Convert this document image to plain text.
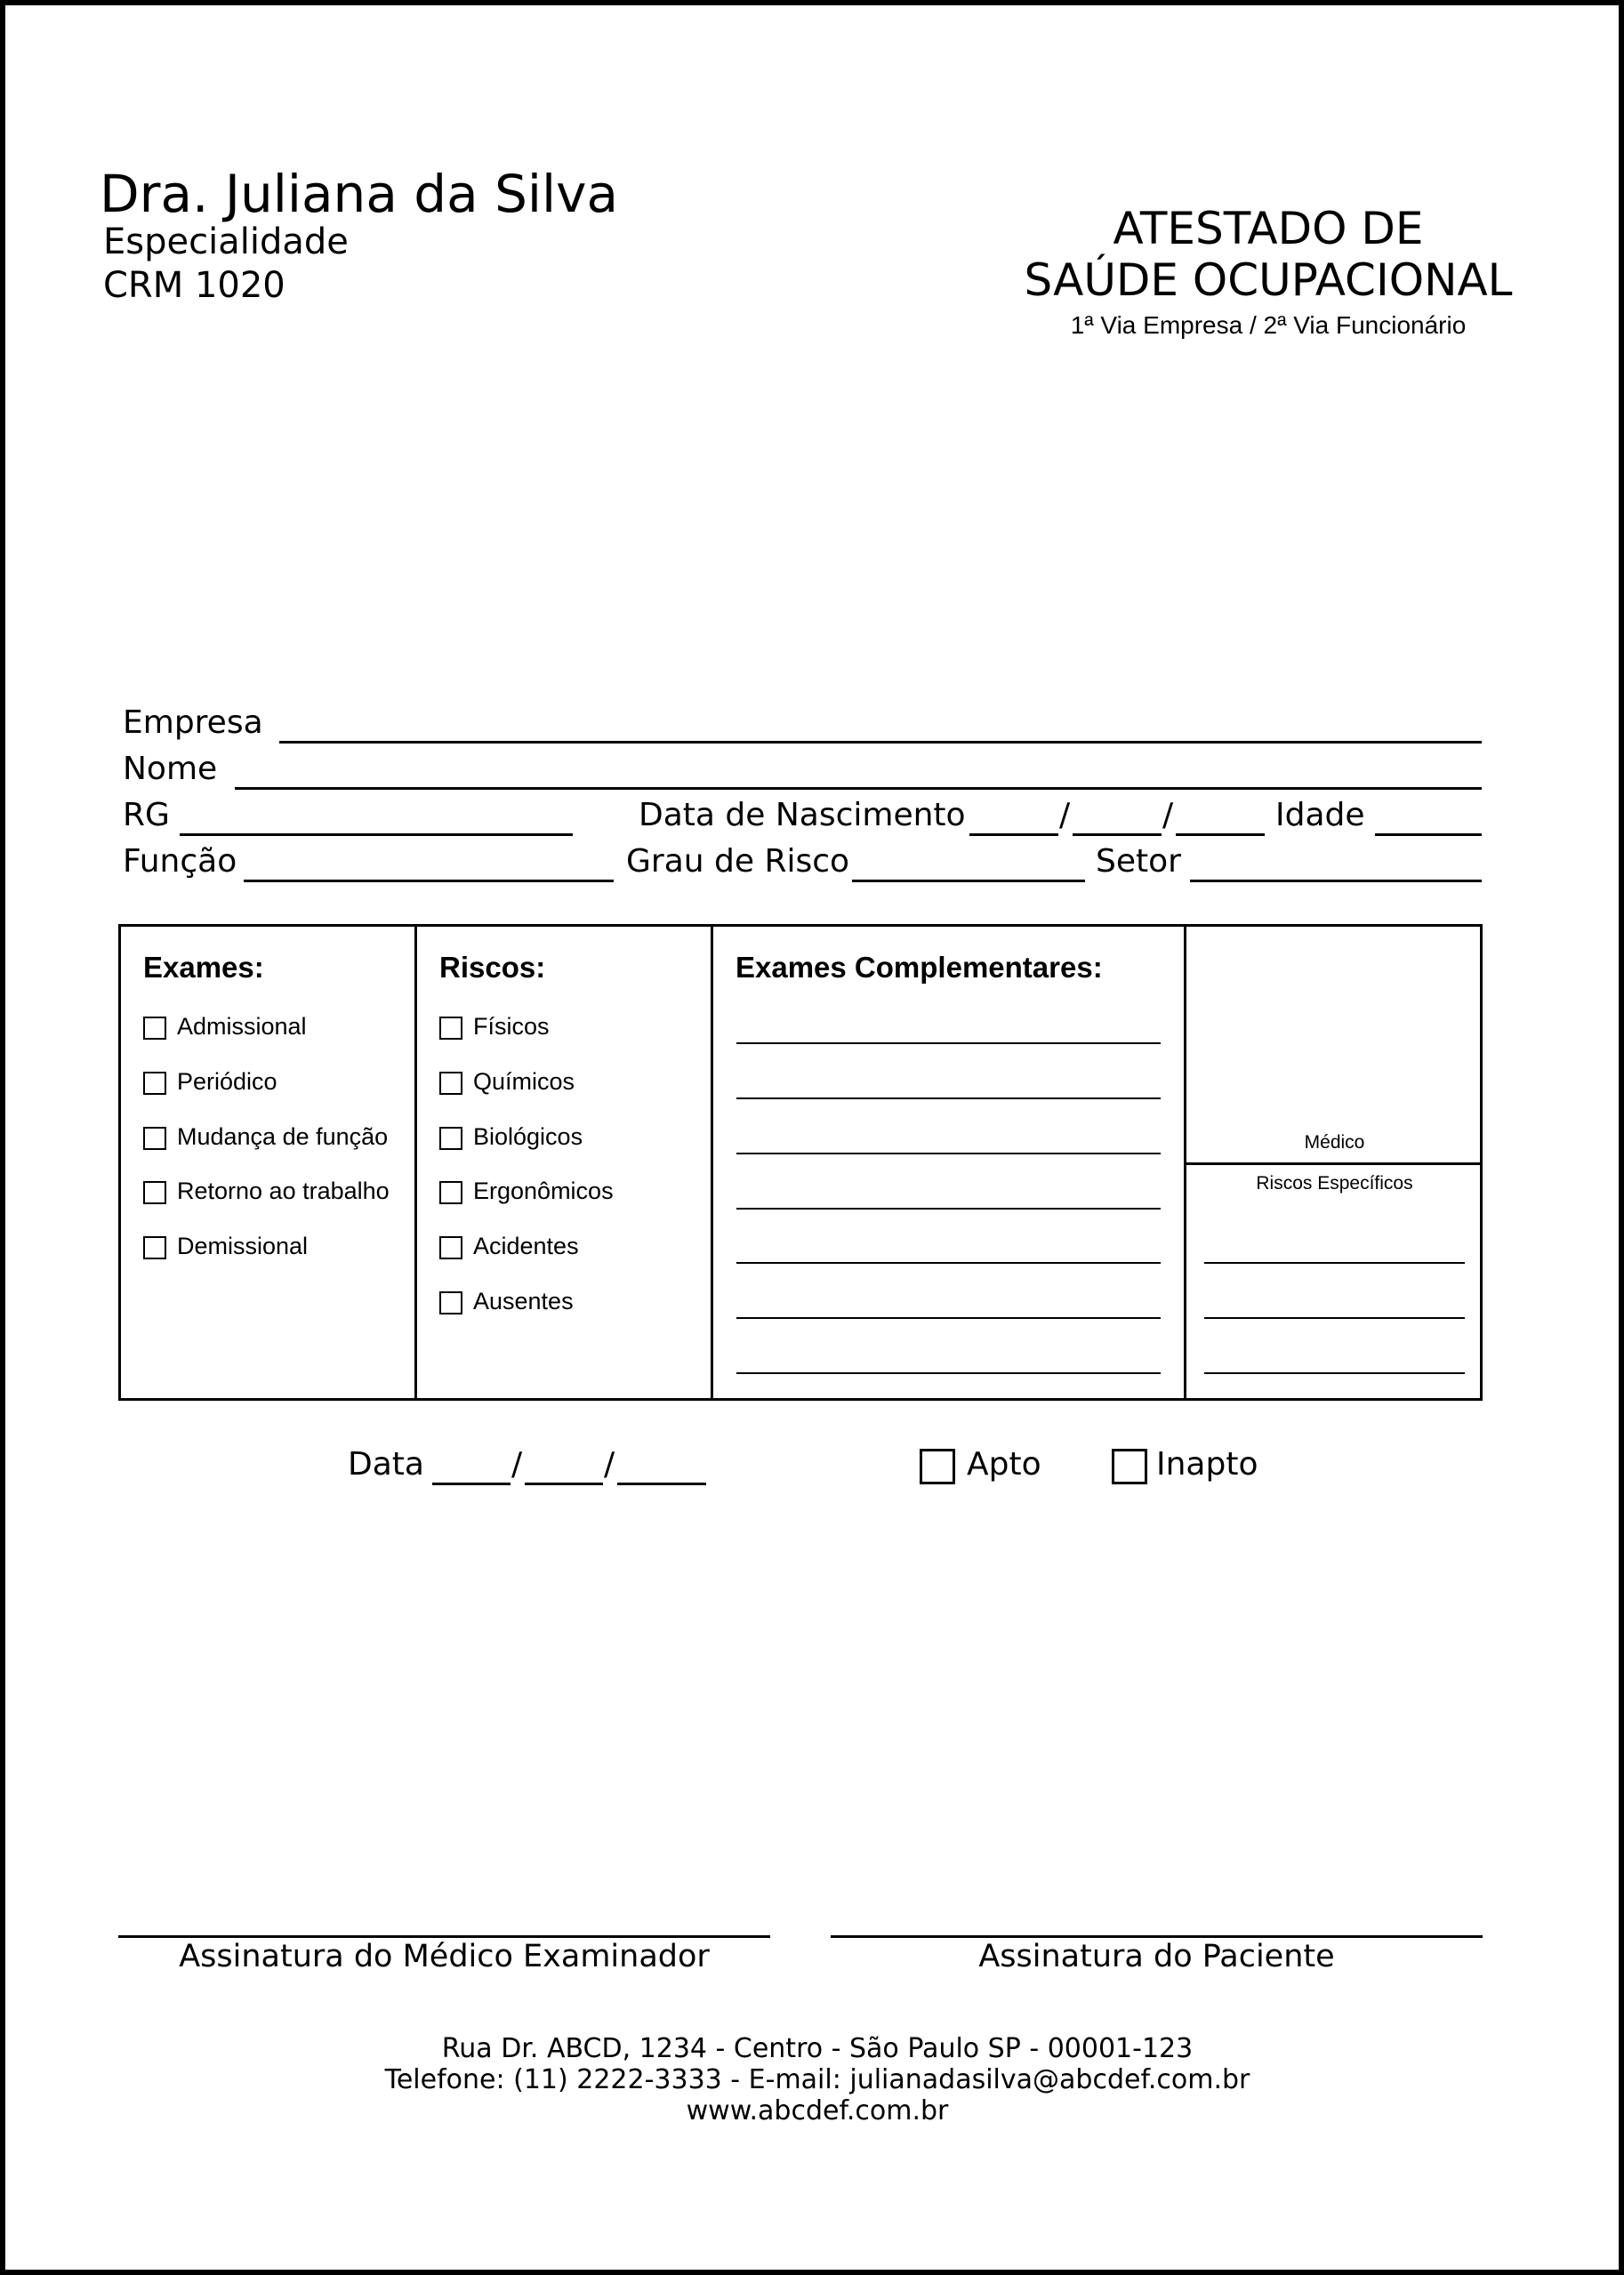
Dra. Juliana da Silva
Especialidade
CRM 1020
ATESTADO DE
SAÚDE OCUPACIONAL
1ª Via Empresa / 2ª Via Funcionário
Empresa
Nome
RG	Data de Nascimento	/	/	Idade
Função	Grau de Risco	Setor
Exames:
Admissional
Periódico
Mudança de função
Retorno ao trabalho
Demissional
Riscos:
Físicos
Químicos
Biológicos
Ergonômicos
Acidentes
Ausentes
Exames Complementares:
Médico
Riscos Específicos
Data	/	/	Apto	Inapto
Assinatura do Médico Examinador	Assinatura do Paciente
Rua Dr. ABCD, 1234 - Centro - São Paulo SP - 00001-123
Telefone: (11) 2222-3333 - E-mail: julianadasilva@abcdef.com.br
www.abcdef.com.br
